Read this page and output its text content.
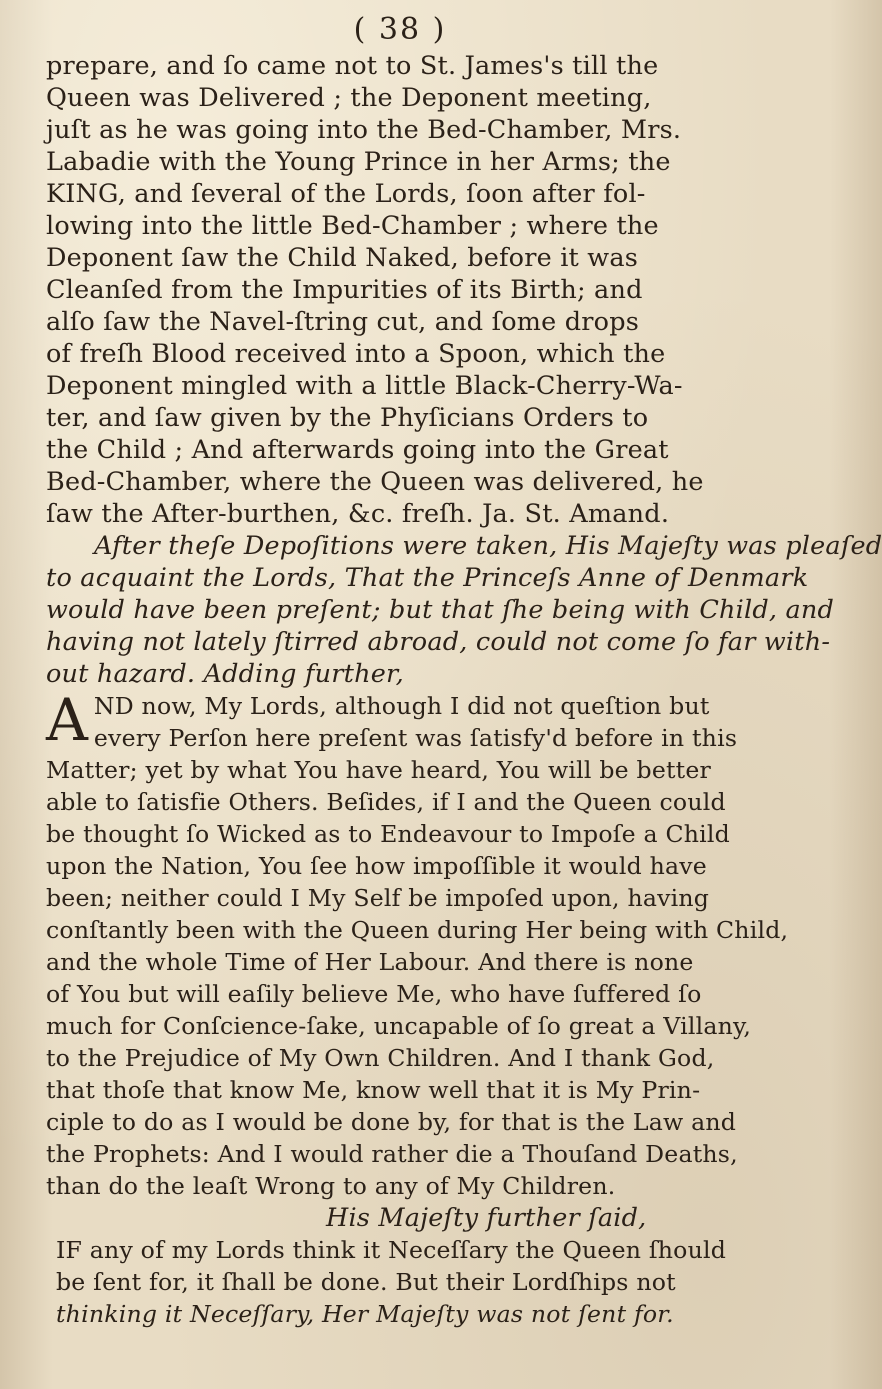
( 38 )
prepare, and ſo came not to St. James's till the
Queen was Delivered ; the Deponent meeting,
juſt as he was going into the Bed-Chamber, Mrs.
Labadie with the Young Prince in her Arms; the
KING, and ſeveral of the Lords, ſoon after fol-
lowing into the little Bed-Chamber ; where the
Deponent ſaw the Child Naked, before it was
Cleanſed from the Impurities of its Birth; and
alſo ſaw the Navel-ſtring cut, and ſome drops
of freſh Blood received into a Spoon, which the
Deponent mingled with a little Black-Cherry-Wa-
ter, and ſaw given by the Phyſicians Orders to
the Child ; And afterwards going into the Great
Bed-Chamber, where the Queen was delivered, he
ſaw the After-burthen, &c. freſh. Ja. St. Amand.
After theſe Depoſitions were taken, His Majeſty was pleaſed
to acquaint the Lords, That the Princeſs Anne of Denmark
would have been preſent; but that ſhe being with Child, and
having not lately ſtirred abroad, could not come ſo far with-
out hazard. Adding further,
A ND now, My Lords, although I did not queſtion but
every Perſon here preſent was ſatisfy'd before in this
Matter; yet by what You have heard, You will be better
able to ſatisfie Others. Beſides, if I and the Queen could
be thought ſo Wicked as to Endeavour to Impoſe a Child
upon the Nation, You ſee how impoſſible it would have
been; neither could I My Self be impoſed upon, having
conſtantly been with the Queen during Her being with Child,
and the whole Time of Her Labour. And there is none
of You but will eaſily believe Me, who have ſuffered ſo
much for Conſcience-ſake, uncapable of ſo great a Villany,
to the Prejudice of My Own Children. And I thank God,
that thoſe that know Me, know well that it is My Prin-
ciple to do as I would be done by, for that is the Law and
the Prophets: And I would rather die a Thouſand Deaths,
than do the leaſt Wrong to any of My Children.
His Majeſty further ſaid,
IF any of my Lords think it Neceſſary the Queen ſhould
be ſent for, it ſhall be done. But their Lordſhips not
thinking it Neceſſary, Her Majeſty was not ſent for.
